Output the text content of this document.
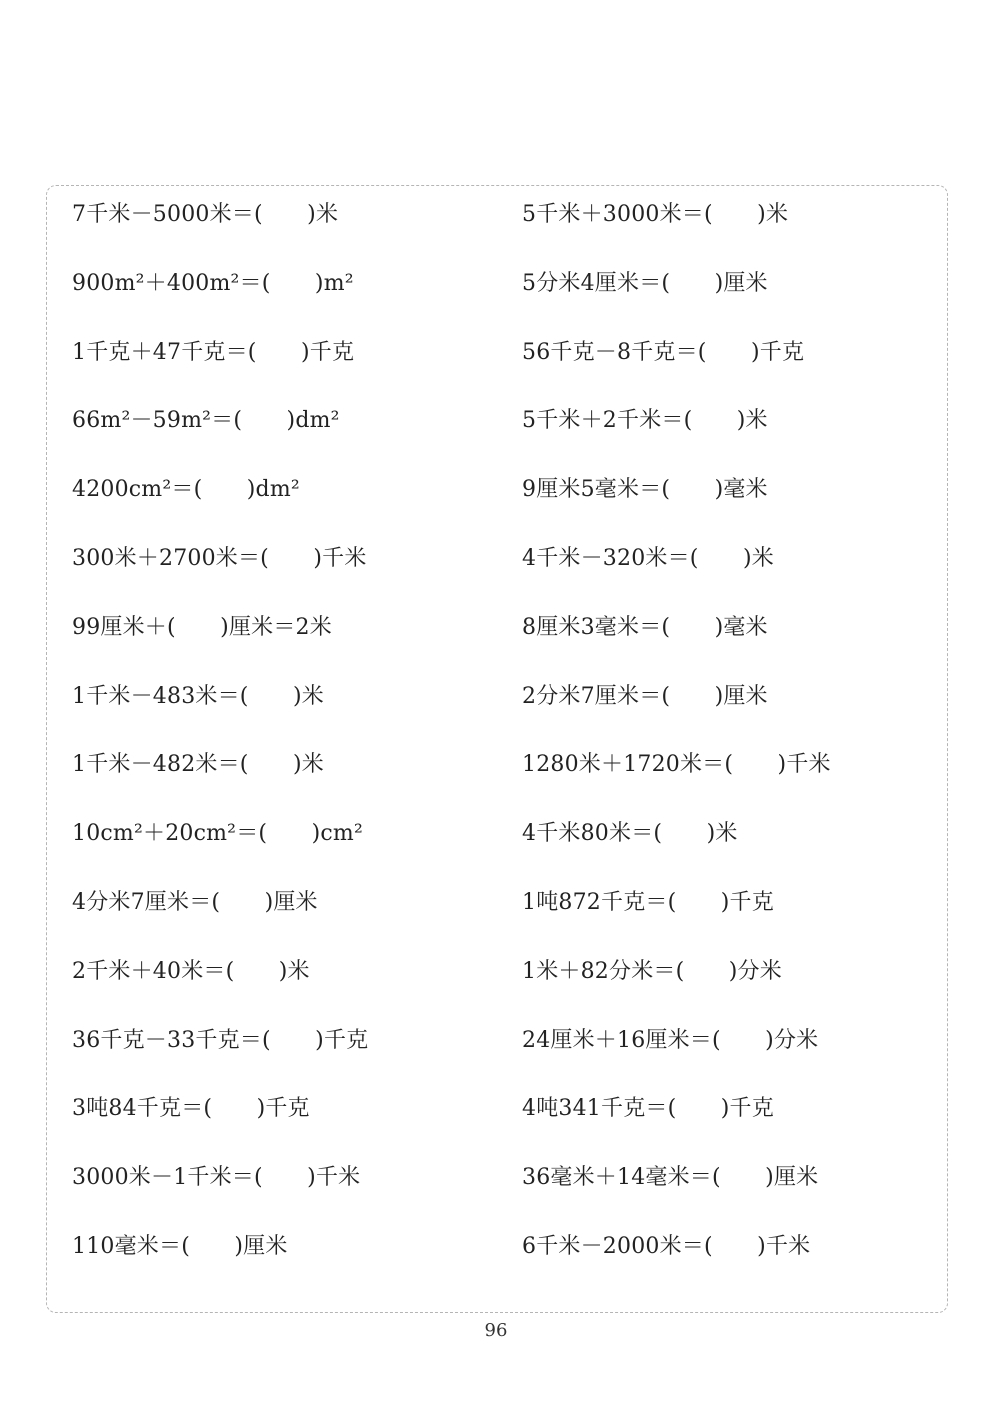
7千米－5000米＝(　　)米
900m²＋400m²＝(　　)m²
1千克＋47千克＝(　　)千克
66m²－59m²＝(　　)dm²
4200cm²＝(　　)dm²
300米＋2700米＝(　　)千米
99厘米＋(　　)厘米＝2米
1千米－483米＝(　　)米
1千米－482米＝(　　)米
10cm²＋20cm²＝(　　)cm²
4分米7厘米＝(　　)厘米
2千米＋40米＝(　　)米
36千克－33千克＝(　　)千克
3吨84千克＝(　　)千克
3000米－1千米＝(　　)千米
110毫米＝(　　)厘米
5千米＋3000米＝(　　)米
5分米4厘米＝(　　)厘米
56千克－8千克＝(　　)千克
5千米＋2千米＝(　　)米
9厘米5毫米＝(　　)毫米
4千米－320米＝(　　)米
8厘米3毫米＝(　　)毫米
2分米7厘米＝(　　)厘米
1280米＋1720米＝(　　)千米
4千米80米＝(　　)米
1吨872千克＝(　　)千克
1米＋82分米＝(　　)分米
24厘米＋16厘米＝(　　)分米
4吨341千克＝(　　)千克
36毫米＋14毫米＝(　　)厘米
6千米－2000米＝(　　)千米
96
